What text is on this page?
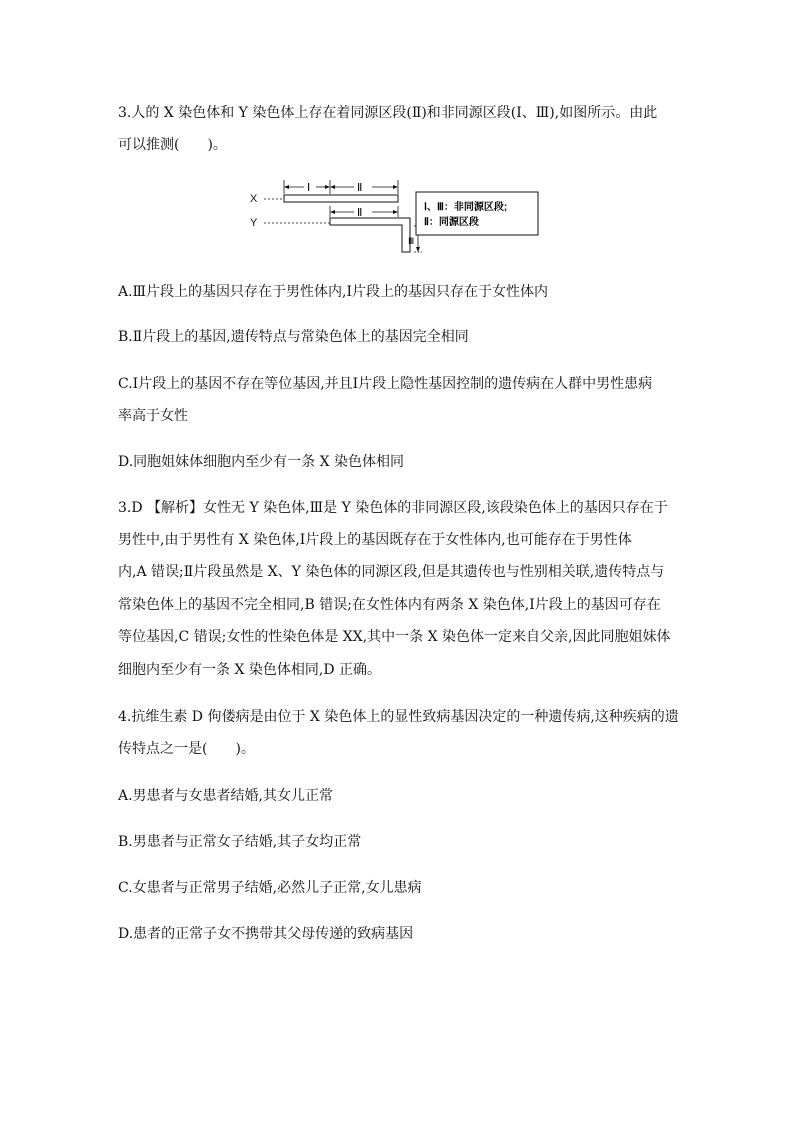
3.人的 X 染色体和 Y 染色体上存在着同源区段(Ⅱ)和非同源区段(Ⅰ、Ⅲ),如图所示。由此
可以推测(　　)。
X
Y
Ⅰ	Ⅱ
Ⅱ
Ⅲ
Ⅰ、Ⅲ：非同源区段;
Ⅱ：同源区段
A.Ⅲ片段上的基因只存在于男性体内,Ⅰ片段上的基因只存在于女性体内
B.Ⅱ片段上的基因,遗传特点与常染色体上的基因完全相同
C.Ⅰ片段上的基因不存在等位基因,并且Ⅰ片段上隐性基因控制的遗传病在人群中男性患病
率高于女性
D.同胞姐妹体细胞内至少有一条 X 染色体相同
3.D 【解析】女性无 Y 染色体,Ⅲ是 Y 染色体的非同源区段,该段染色体上的基因只存在于
男性中,由于男性有 X 染色体,Ⅰ片段上的基因既存在于女性体内,也可能存在于男性体
内,A 错误;Ⅱ片段虽然是 X、Y 染色体的同源区段,但是其遗传也与性别相关联,遗传特点与
常染色体上的基因不完全相同,B 错误;在女性体内有两条 X 染色体,Ⅰ片段上的基因可存在
等位基因,C 错误;女性的性染色体是 XX,其中一条 X 染色体一定来自父亲,因此同胞姐妹体
细胞内至少有一条 X 染色体相同,D 正确。
4.抗维生素 D 佝偻病是由位于 X 染色体上的显性致病基因决定的一种遗传病,这种疾病的遗
传特点之一是(　　)。
A.男患者与女患者结婚,其女儿正常
B.男患者与正常女子结婚,其子女均正常
C.女患者与正常男子结婚,必然儿子正常,女儿患病
D.患者的正常子女不携带其父母传递的致病基因
